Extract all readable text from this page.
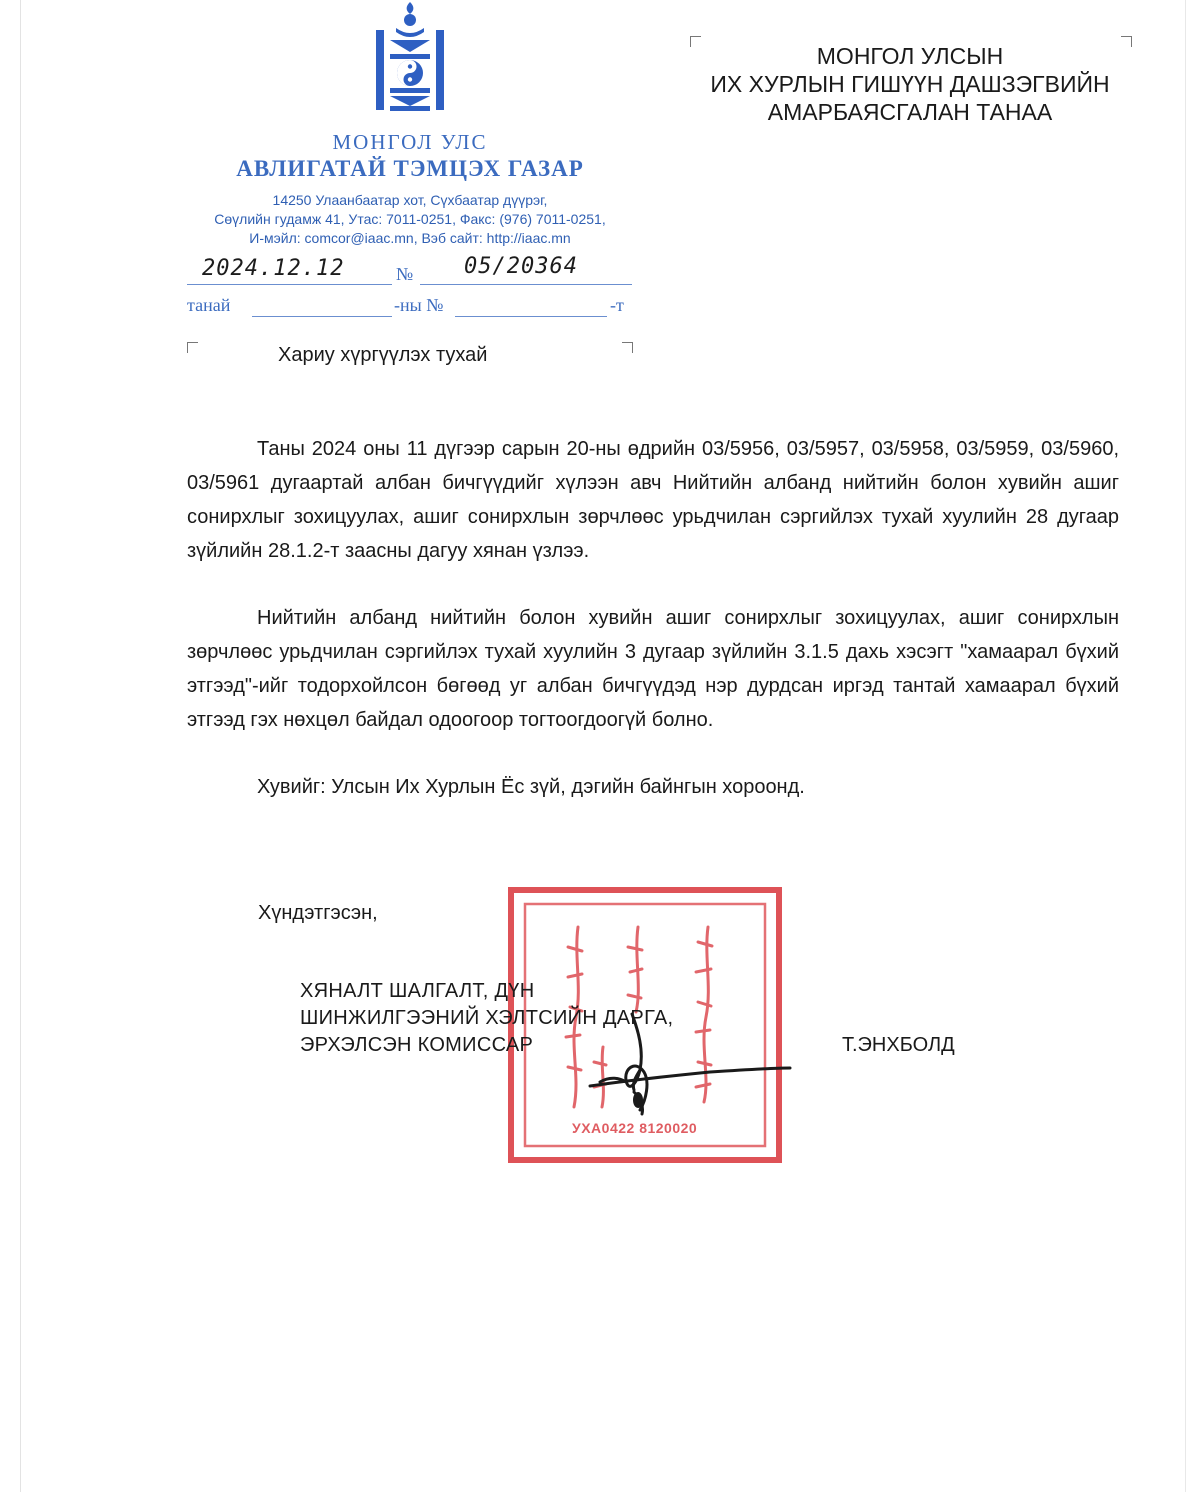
МОНГОЛ УЛС
АВЛИГАТАЙ ТЭМЦЭХ ГАЗАР
14250 Улаанбаатар хот, Сүхбаатар дүүрэг,
Сөүлийн гудамж 41, Утас: 7011-0251, Факс: (976) 7011-0251,
И-мэйл: comcor@iaac.mn, Вэб сайт: http://iaac.mn
2024.12.12	№ 05/20364
танай	-ны №	-т
МОНГОЛ УЛСЫН
ИХ ХУРЛЫН ГИШҮҮН ДАШЗЭГВИЙН
АМАРБАЯСГАЛАН ТАНАА
Хариу хүргүүлэх тухай
Таны 2024 оны 11 дүгээр сарын 20-ны өдрийн 03/5956, 03/5957, 03/5958, 03/5959, 03/5960, 03/5961 дугаартай албан бичгүүдийг хүлээн авч Нийтийн албанд нийтийн болон хувийн ашиг сонирхлыг зохицуулах, ашиг сонирхлын зөрчлөөс урьдчилан сэргийлэх тухай хуулийн 28 дугаар зүйлийн 28.1.2-т заасны дагуу хянан үзлээ.
Нийтийн албанд нийтийн болон хувийн ашиг сонирхлыг зохицуулах, ашиг сонирхлын зөрчлөөс урьдчилан сэргийлэх тухай хуулийн 3 дугаар зүйлийн 3.1.5 дахь хэсэгт "хамаарал бүхий этгээд"-ийг тодорхойлсон бөгөөд уг албан бичгүүдэд нэр дурдсан иргэд тантай хамаарал бүхий этгээд гэх нөхцөл байдал одоогоор тогтоогдоогүй болно.
Хувийг: Улсын Их Хурлын Ёс зүй, дэгийн байнгын хороонд.
Хүндэтгэсэн,
УХА0422 8120020
ХЯНАЛТ ШАЛГАЛТ, ДҮН
ШИНЖИЛГЭЭНИЙ ХЭЛТСИЙН ДАРГА,
ЭРХЭЛСЭН КОМИССАР	Т.ЭНХБОЛД
